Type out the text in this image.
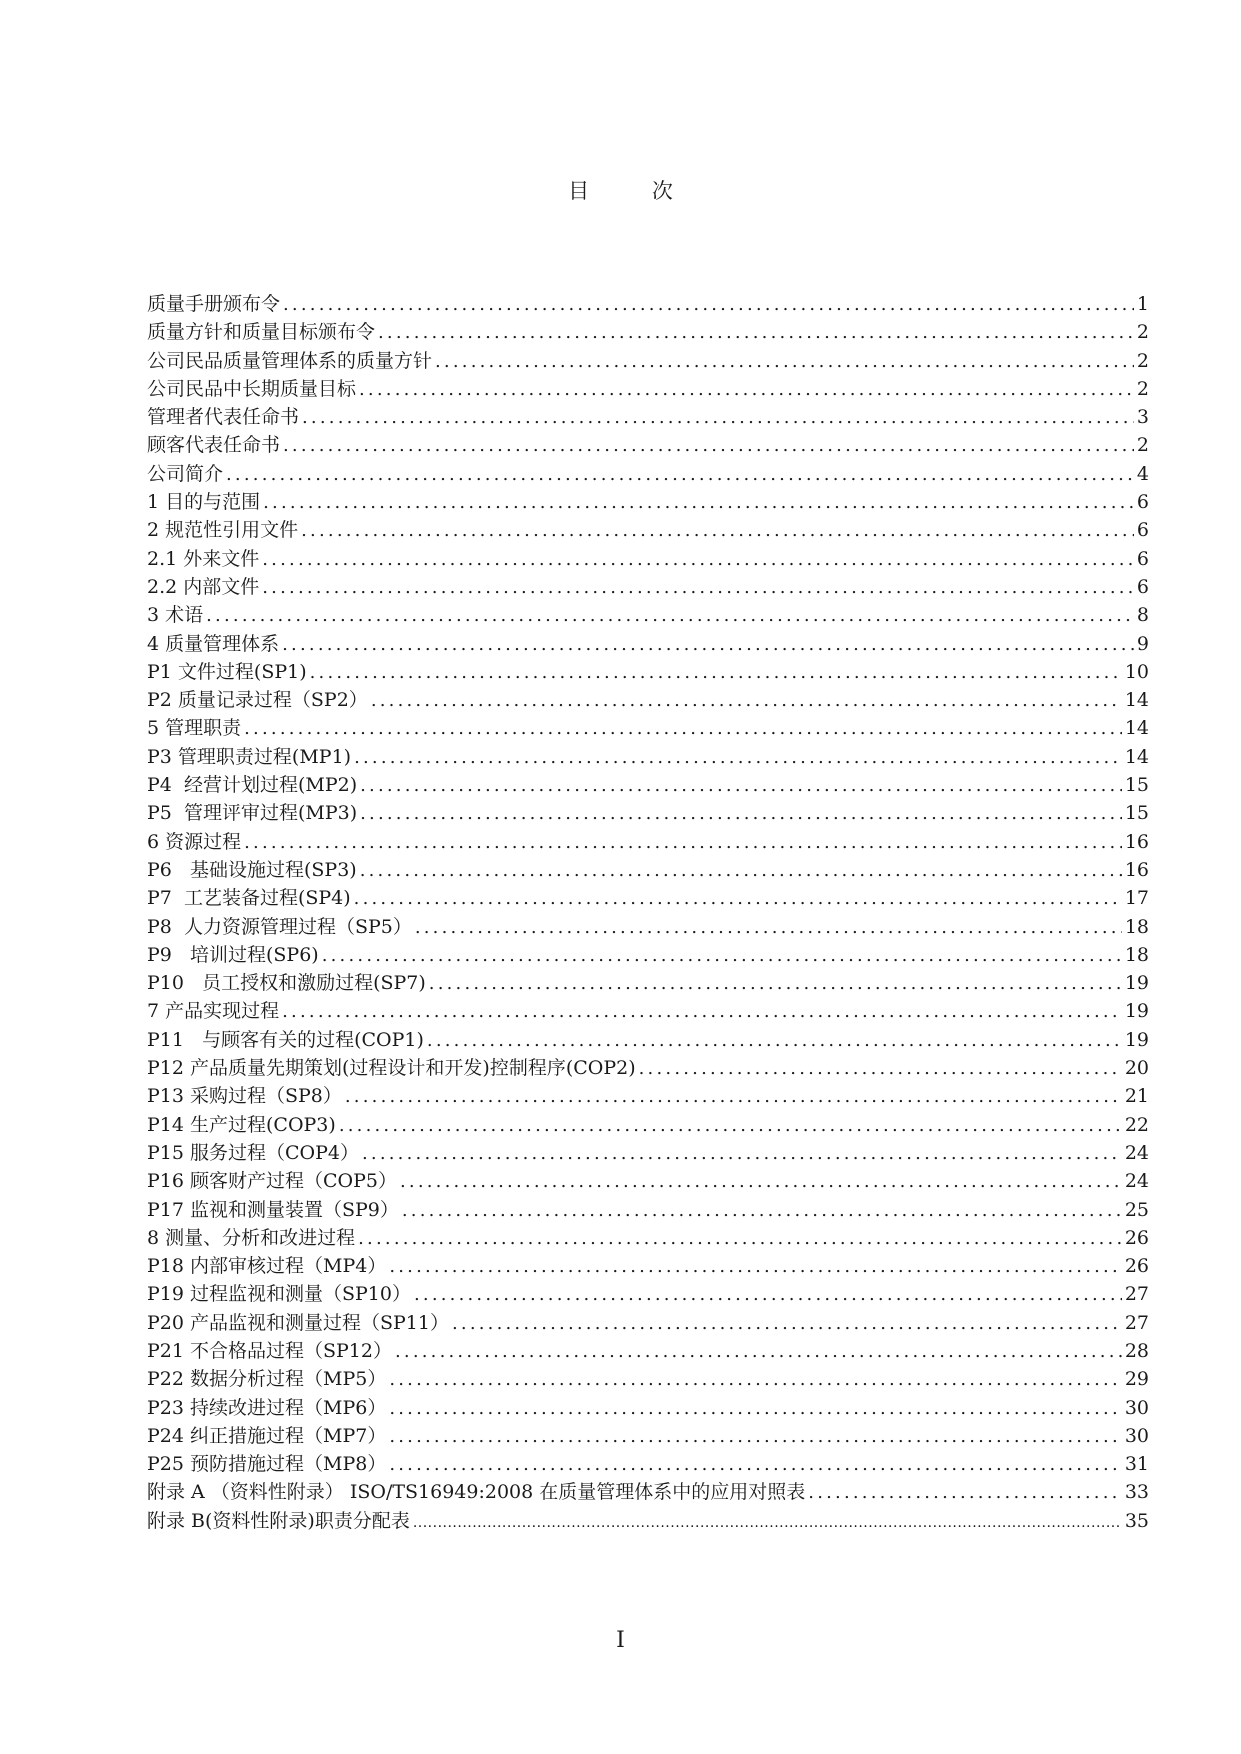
目 次
质量手册颁布令 .....	1
质量方针和质量目标颁布令 .....	2
公司民品质量管理体系的质量方针 .....	2
公司民品中长期质量目标 .....	2
管理者代表任命书 .....	3
顾客代表任命书 .....	2
公司简介 .....	4
1 目的与范围 .....	6
2 规范性引用文件 .....	6
2.1 外来文件 .....	6
2.2 内部文件 .....	6
3 术语 .....	8
4 质量管理体系 .....	9
P1 文件过程(SP1) .....	10
P2 质量记录过程（SP2） .....	14
5 管理职责 .....	14
P3 管理职责过程(MP1) .....	14
P4  经营计划过程(MP2) .....	15
P5  管理评审过程(MP3) .....	15
6 资源过程 .....	16
P6   基础设施过程(SP3) .....	16
P7  工艺装备过程(SP4) .....	17
P8  人力资源管理过程（SP5） .....	18
P9   培训过程(SP6) .....	18
P10   员工授权和激励过程(SP7) .....	19
7 产品实现过程 .....	19
P11   与顾客有关的过程(COP1) .....	19
P12 产品质量先期策划(过程设计和开发)控制程序(COP2) .....	20
P13 采购过程（SP8） .....	21
P14 生产过程(COP3) .....	22
P15 服务过程（COP4） .....	24
P16 顾客财产过程（COP5） .....	24
P17 监视和测量装置（SP9） .....	25
8 测量、分析和改进过程 .....	26
P18 内部审核过程（MP4） .....	26
P19 过程监视和测量（SP10） .....	27
P20 产品监视和测量过程（SP11） .....	27
P21 不合格品过程（SP12） .....	28
P22 数据分析过程（MP5） .....	29
P23 持续改进过程（MP6） .....	30
P24 纠正措施过程（MP7） .....	30
P25 预防措施过程（MP8） .....	31
附录 A （资料性附录） ISO/TS16949:2008 在质量管理体系中的应用对照表 .....	33
附录 B(资料性附录)职责分配表 .....	35
I
